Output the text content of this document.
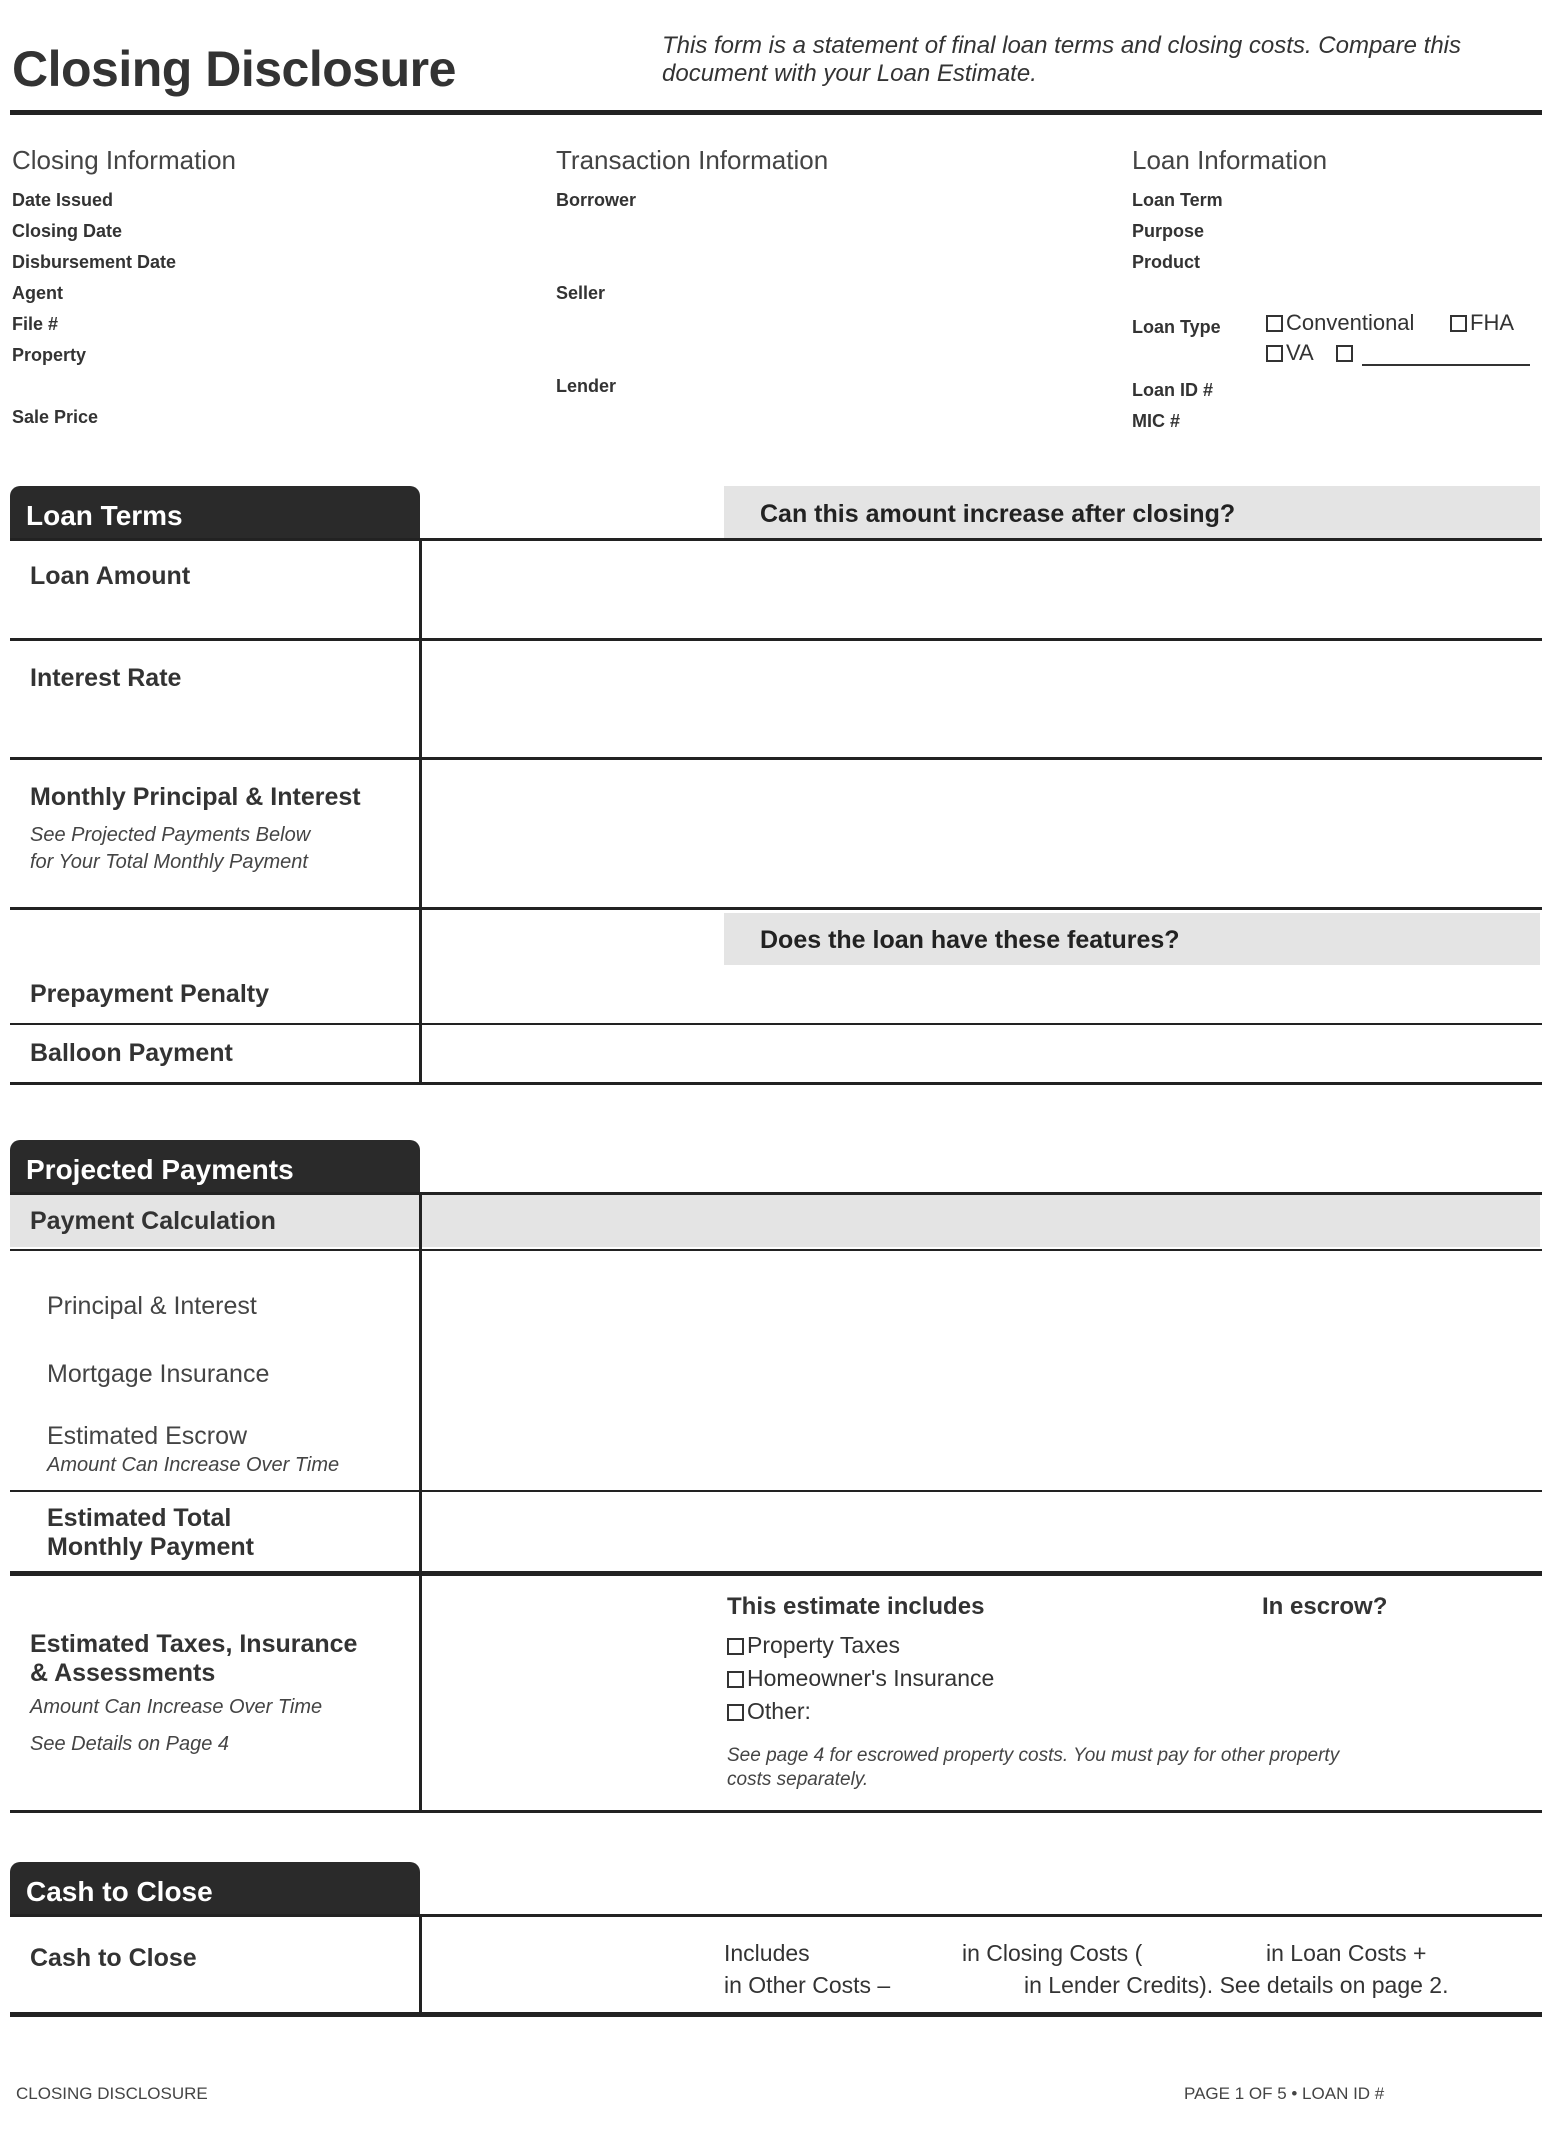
Closing Disclosure	This form is a statement of final loan terms and closing costs. Compare this document with your Loan Estimate.
Closing Information
Date Issued
Closing Date
Disbursement Date
Agent
File #
Property
Sale Price
Transaction Information
Borrower
Seller
Lender
Loan Information
Loan Term
Purpose
Product
Loan Type	Conventional	FHA
VA
Loan ID #
MIC #
Loan Terms	Can this amount increase after closing?
Loan Amount
Interest Rate
Monthly Principal & Interest
See Projected Payments Below
for Your Total Monthly Payment
Does the loan have these features?
Prepayment Penalty
Balloon Payment
Projected Payments
Payment Calculation
Principal & Interest
Mortgage Insurance
Estimated Escrow
Amount Can Increase Over Time
Estimated Total
Monthly Payment
Estimated Taxes, Insurance
& Assessments
Amount Can Increase Over Time
See Details on Page 4
This estimate includes	In escrow?
Property Taxes
Homeowner's Insurance
Other:
See page 4 for escrowed property costs. You must pay for other property
costs separately.
Cash to Close
Cash to Close	Includes	in Closing Costs (	in Loan Costs +
in Other Costs –	in Lender Credits). See details on page 2.
CLOSING DISCLOSURE	PAGE 1 OF 5 • LOAN ID #
